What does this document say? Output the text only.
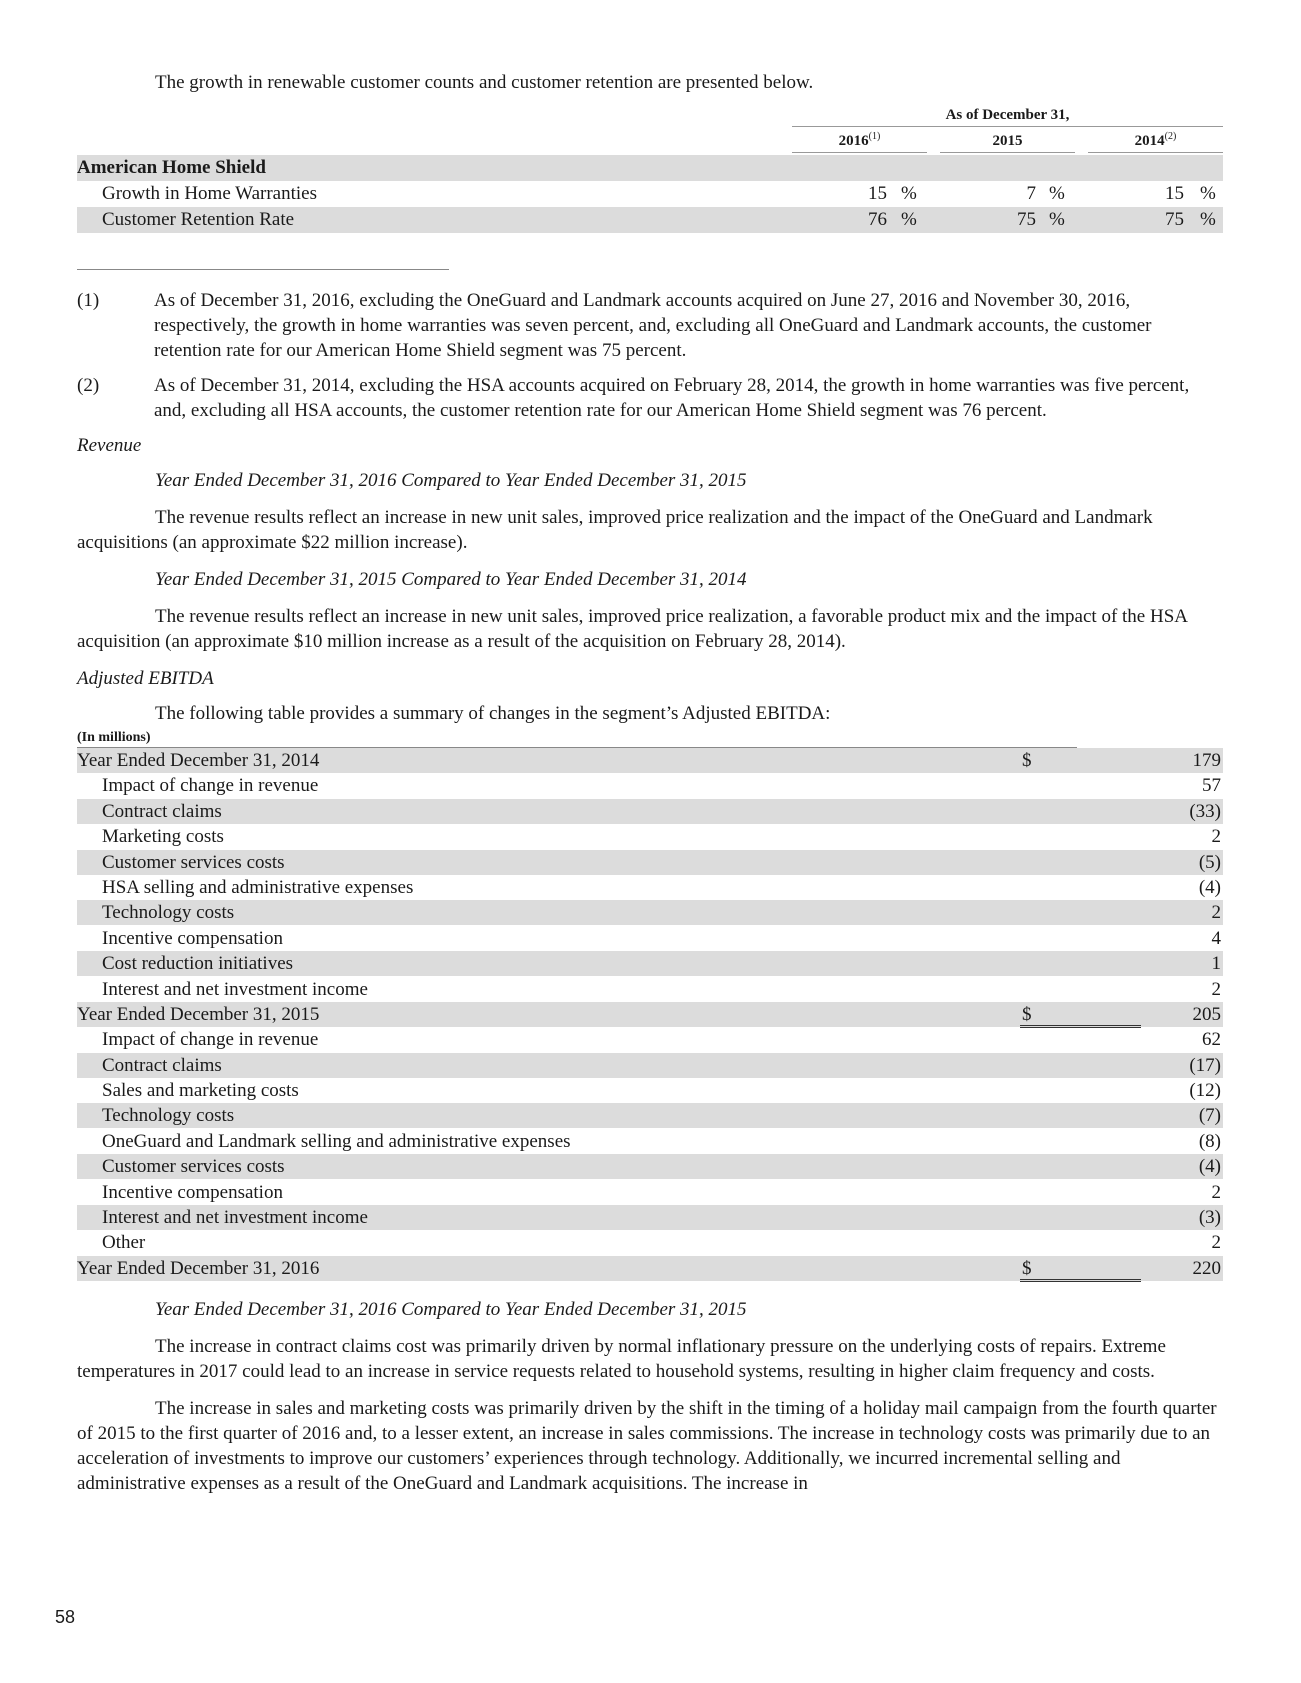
The growth in renewable customer counts and customer retention are presented below.

As of December 31,
2016$^{(1)}$	2015	2014$^{(2)}$
American Home Shield
Growth in Home Warranties	15 %	7 %	15 %
Customer Retention Rate	76 %	75 %	75 %
(1)	As of December 31, 2016, excluding the OneGuard and Landmark accounts acquired on June 27, 2016 and November 30, 2016, respectively, the growth in home warranties was seven percent, and, excluding all OneGuard and Landmark accounts, the customer retention rate for our American Home Shield segment was 75 percent.
(2)	As of December 31, 2014, excluding the HSA accounts acquired on February 28, 2014, the growth in home warranties was five percent, and, excluding all HSA accounts, the customer retention rate for our American Home Shield segment was 76 percent.

Revenue

Year Ended December 31, 2016 Compared to Year Ended December 31, 2015

The revenue results reflect an increase in new unit sales, improved price realization and the impact of the OneGuard and Landmark acquisitions (an approximate $22 million increase).

Year Ended December 31, 2015 Compared to Year Ended December 31, 2014

The revenue results reflect an increase in new unit sales, improved price realization, a favorable product mix and the impact of the HSA acquisition (an approximate $10 million increase as a result of the acquisition on February 28, 2014).

Adjusted EBITDA

The following table provides a summary of changes in the segment’s Adjusted EBITDA:

(In millions)
Year Ended December 31, 2014	$	179
Impact of change in revenue	57
Contract claims	(33)
Marketing costs	2
Customer services costs	(5)
HSA selling and administrative expenses	(4)
Technology costs	2
Incentive compensation	4
Cost reduction initiatives	1
Interest and net investment income	2
Year Ended December 31, 2015	$	205
Impact of change in revenue	62
Contract claims	(17)
Sales and marketing costs	(12)
Technology costs	(7)
OneGuard and Landmark selling and administrative expenses	(8)
Customer services costs	(4)
Incentive compensation	2
Interest and net investment income	(3)
Other	2
Year Ended December 31, 2016	$	220

Year Ended December 31, 2016 Compared to Year Ended December 31, 2015

The increase in contract claims cost was primarily driven by normal inflationary pressure on the underlying costs of repairs. Extreme temperatures in 2017 could lead to an increase in service requests related to household systems, resulting in higher claim frequency and costs.

The increase in sales and marketing costs was primarily driven by the shift in the timing of a holiday mail campaign from the fourth quarter of 2015 to the first quarter of 2016 and, to a lesser extent, an increase in sales commissions. The increase in technology costs was primarily due to an acceleration of investments to improve our customers’ experiences through technology. Additionally, we incurred incremental selling and administrative expenses as a result of the OneGuard and Landmark acquisitions. The increase in

58
